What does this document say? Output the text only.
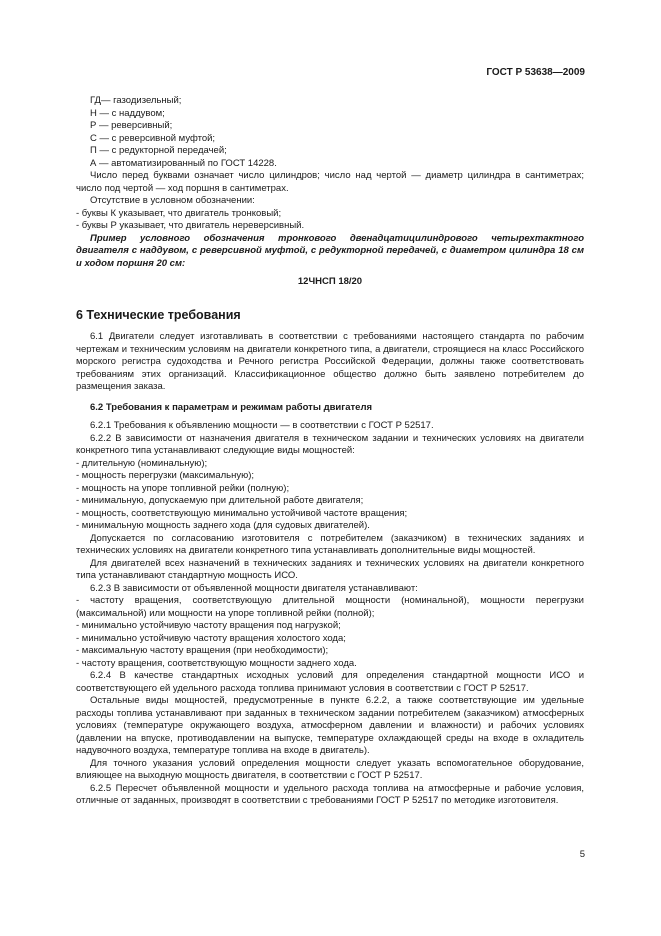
ГОСТ Р 53638—2009
ГД— газодизельный;
Н — с наддувом;
Р — реверсивный;
С — с реверсивной муфтой;
П — с редукторной передачей;
А — автоматизированный по ГОСТ 14228.

Число перед буквами означает число цилиндров; число над чертой — диаметр цилиндра в сантиметрах; число под чертой — ход поршня в сантиметрах.

Отсутствие в условном обозначении:

- буквы К указывает, что двигатель тронковый;
- буквы Р указывает, что двигатель нереверсивный.

Пример условного обозначения тронкового двенадцатицилиндрового четырехтактного двигателя с наддувом, с реверсивной муфтой, с редукторной передачей, с диаметром цилиндра 18 см и ходом поршня 20 см:

12ЧНСП 18/20

6 Технические требования

6.1 Двигатели следует изготавливать в соответствии с требованиями настоящего стандарта по рабочим чертежам и техническим условиям на двигатели конкретного типа, а двигатели, строящиеся на класс Российского морского регистра судоходства и Речного регистра Российской Федерации, должны также соответствовать требованиям этих организаций. Классификационное общество должно быть заявлено потребителем до размещения заказа.

6.2 Требования к параметрам и режимам работы двигателя

6.2.1 Требования к объявлению мощности — в соответствии с ГОСТ Р 52517.

6.2.2 В зависимости от назначения двигателя в техническом задании и технических условиях на двигатели конкретного типа устанавливают следующие виды мощностей:

- длительную (номинальную);
- мощность перегрузки (максимальную);
- мощность на упоре топливной рейки (полную);
- минимальную, допускаемую при длительной работе двигателя;
- мощность, соответствующую минимально устойчивой частоте вращения;
- минимальную мощность заднего хода (для судовых двигателей).

Допускается по согласованию изготовителя с потребителем (заказчиком) в технических заданиях и технических условиях на двигатели конкретного типа устанавливать дополнительные виды мощностей.

Для двигателей всех назначений в технических заданиях и технических условиях на двигатели конкретного типа устанавливают стандартную мощность ИСО.

6.2.3 В зависимости от объявленной мощности двигателя устанавливают:

- частоту вращения, соответствующую длительной мощности (номинальной), мощности перегрузки (максимальной) или мощности на упоре топливной рейки (полной);

- минимально устойчивую частоту вращения под нагрузкой;
- минимально устойчивую частоту вращения холостого хода;
- максимальную частоту вращения (при необходимости);
- частоту вращения, соответствующую мощности заднего хода.

6.2.4 В качестве стандартных исходных условий для определения стандартной мощности ИСО и соответствующего ей удельного расхода топлива принимают условия в соответствии с ГОСТ Р 52517.

Остальные виды мощностей, предусмотренные в пункте 6.2.2, а также соответствующие им удельные расходы топлива устанавливают при заданных в техническом задании потребителем (заказчиком) атмосферных условиях (температуре окружающего воздуха, атмосферном давлении и влажности) и рабочих условиях (давлении на впуске, противодавлении на выпуске, температуре охлаждающей среды на входе в охладитель надувочного воздуха, температуре топлива на входе в двигатель).

Для точного указания условий определения мощности следует указать вспомогательное оборудование, влияющее на выходную мощность двигателя, в соответствии с ГОСТ Р 52517.

6.2.5 Пересчет объявленной мощности и удельного расхода топлива на атмосферные и рабочие условия, отличные от заданных, производят в соответствии с требованиями ГОСТ Р 52517 по методике изготовителя.

5
